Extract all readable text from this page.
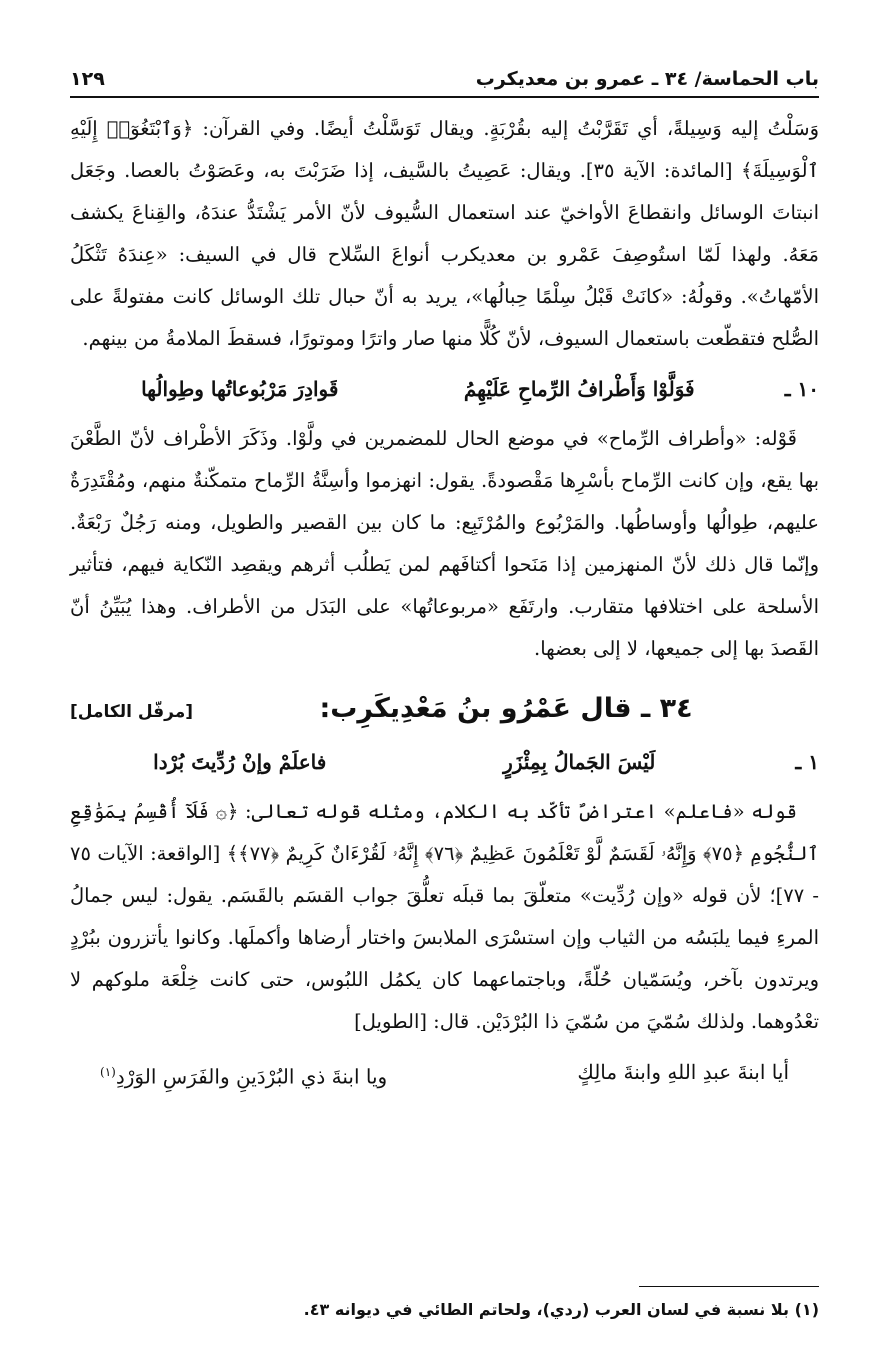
باب الحماسة/ ٣٤ ـ عمرو بن معديكرب
١٢٩

وَسَلْتُ إليه وَسِيلةً، أي تَقَرَّبْتُ إليه بقُرْبَةٍ. ويقال تَوَسَّلْتُ أيضًا. وفي القرآن: ﴿وَٱبْتَغُوٓا۟ إِلَيْهِ ٱلْوَسِيلَةَ﴾ [المائدة: الآية ٣٥]. ويقال: عَصِيتُ بالسَّيف، إذا ضَرَبْتَ به، وعَصَوْتُ بالعصا. وجَعَل انبتاتَ الوسائل وانقطاعَ الأواخيّ عند استعمال السُّيوف لأنّ الأمر يَشْتَدُّ عندَهُ، والقِناعَ يكشف مَعَهُ. ولهذا لَمّا استُوصِفَ عَمْرو بن معديكرب أنواعَ السِّلاح قال في السيف: «عِندَهُ تَثْكَلُ الأمّهاتُ». وقولُهُ: «كانَتْ قَبْلُ سِلْمًا حِبالُها»، يريد به أنّ حبال تلك الوسائل كانت مفتولةً على الصُّلح فتقطّعت باستعمال السيوف، لأنّ كُلًّا منها صار واترًا وموتورًا، فسقطَ الملامةُ من بينهم.

١٠ ـ
فَوَلَّوْا وَأَطْرافُ الرِّماحِ عَلَيْهِمُ
قَوادِرَ مَرْبُوعاتُها وطِوالُها

قَوْله: «وأطراف الرِّماح» في موضع الحال للمضمرين في ولَّوْا. وذَكَرَ الأطْراف لأنّ الطَّعْنَ بها يقع، وإن كانت الرِّماح بأسْرِها مَقْصودةً. يقول: انهزموا وأسِنَّةُ الرِّماح متمكّنةٌ منهم، ومُقْتَدِرَةٌ عليهم، طِوالُها وأوساطُها. والمَرْبُوع والمُرْتَبِع: ما كان بين القصير والطويل، ومنه رَجُلٌ رَبْعَةٌ. وإنّما قال ذلك لأنّ المنهزمين إذا مَنَحوا أكتافَهم لمن يَطلُب أثرهم ويقصِد النّكاية فيهم، فتأثير الأسلحة على اختلافها متقارب. وارتَفَع «مربوعاتُها» على البَدَل من الأطراف. وهذا يُبَيِّنُ أنّ القَصدَ بها إلى جميعها، لا إلى بعضها.

٣٤ ـ قال عَمْرُو بنُ مَعْدِيكَرِب:
[مرفّل الكامل]
١ ـ
لَيْسَ الجَمالُ بِمِئْزَرٍ
فاعلَمْ وإنْ رُدِّيتَ بُرْدا

قوله «فاعلم» اعتراضٌ تأكّد به الكلام، ومثله قوله تعالى: ﴿۞ فَلَآ أُقْسِمُ بِمَوَٰقِعِ ٱلنُّجُومِ ﴿٧٥﴾ وَإِنَّهُۥ لَقَسَمٌ لَّوْ تَعْلَمُونَ عَظِيمٌ ﴿٧٦﴾ إِنَّهُۥ لَقُرْءَانٌ كَرِيمٌ ﴿٧٧﴾﴾ [الواقعة: الآيات ٧٥ - ٧٧]؛ لأن قوله «وإن رُدِّيت» متعلّقَ بما قبلَه تعلُّقَ جواب القسَم بالقَسَم. يقول: ليس جمالُ المرءِ فيما يلبَسُه من الثياب وإن استسْرَى الملابسَ واختار أرضاها وأكملَها. وكانوا يأتزرون ببُرْدٍ ويرتدون بآخر، ويُسَمّيان حُلّةً، وباجتماعهما كان يكمُل اللبُوس، حتى كانت خِلْعَة ملوكهم لا تعْدُوهما. ولذلك سُمّيَ من سُمّيَ ذا البُرْدَيْن. قال: [الطويل]

أيا ابنةَ عبدِ اللهِ وابنةَ مالِكٍ
ويا ابنةَ ذي البُرْدَينِ والفَرَسِ الوَرْدِ$^{(١)}$
(١) بلا نسبة في لسان العرب (ردي)، ولحاتم الطائي في ديوانه ٤٣.
